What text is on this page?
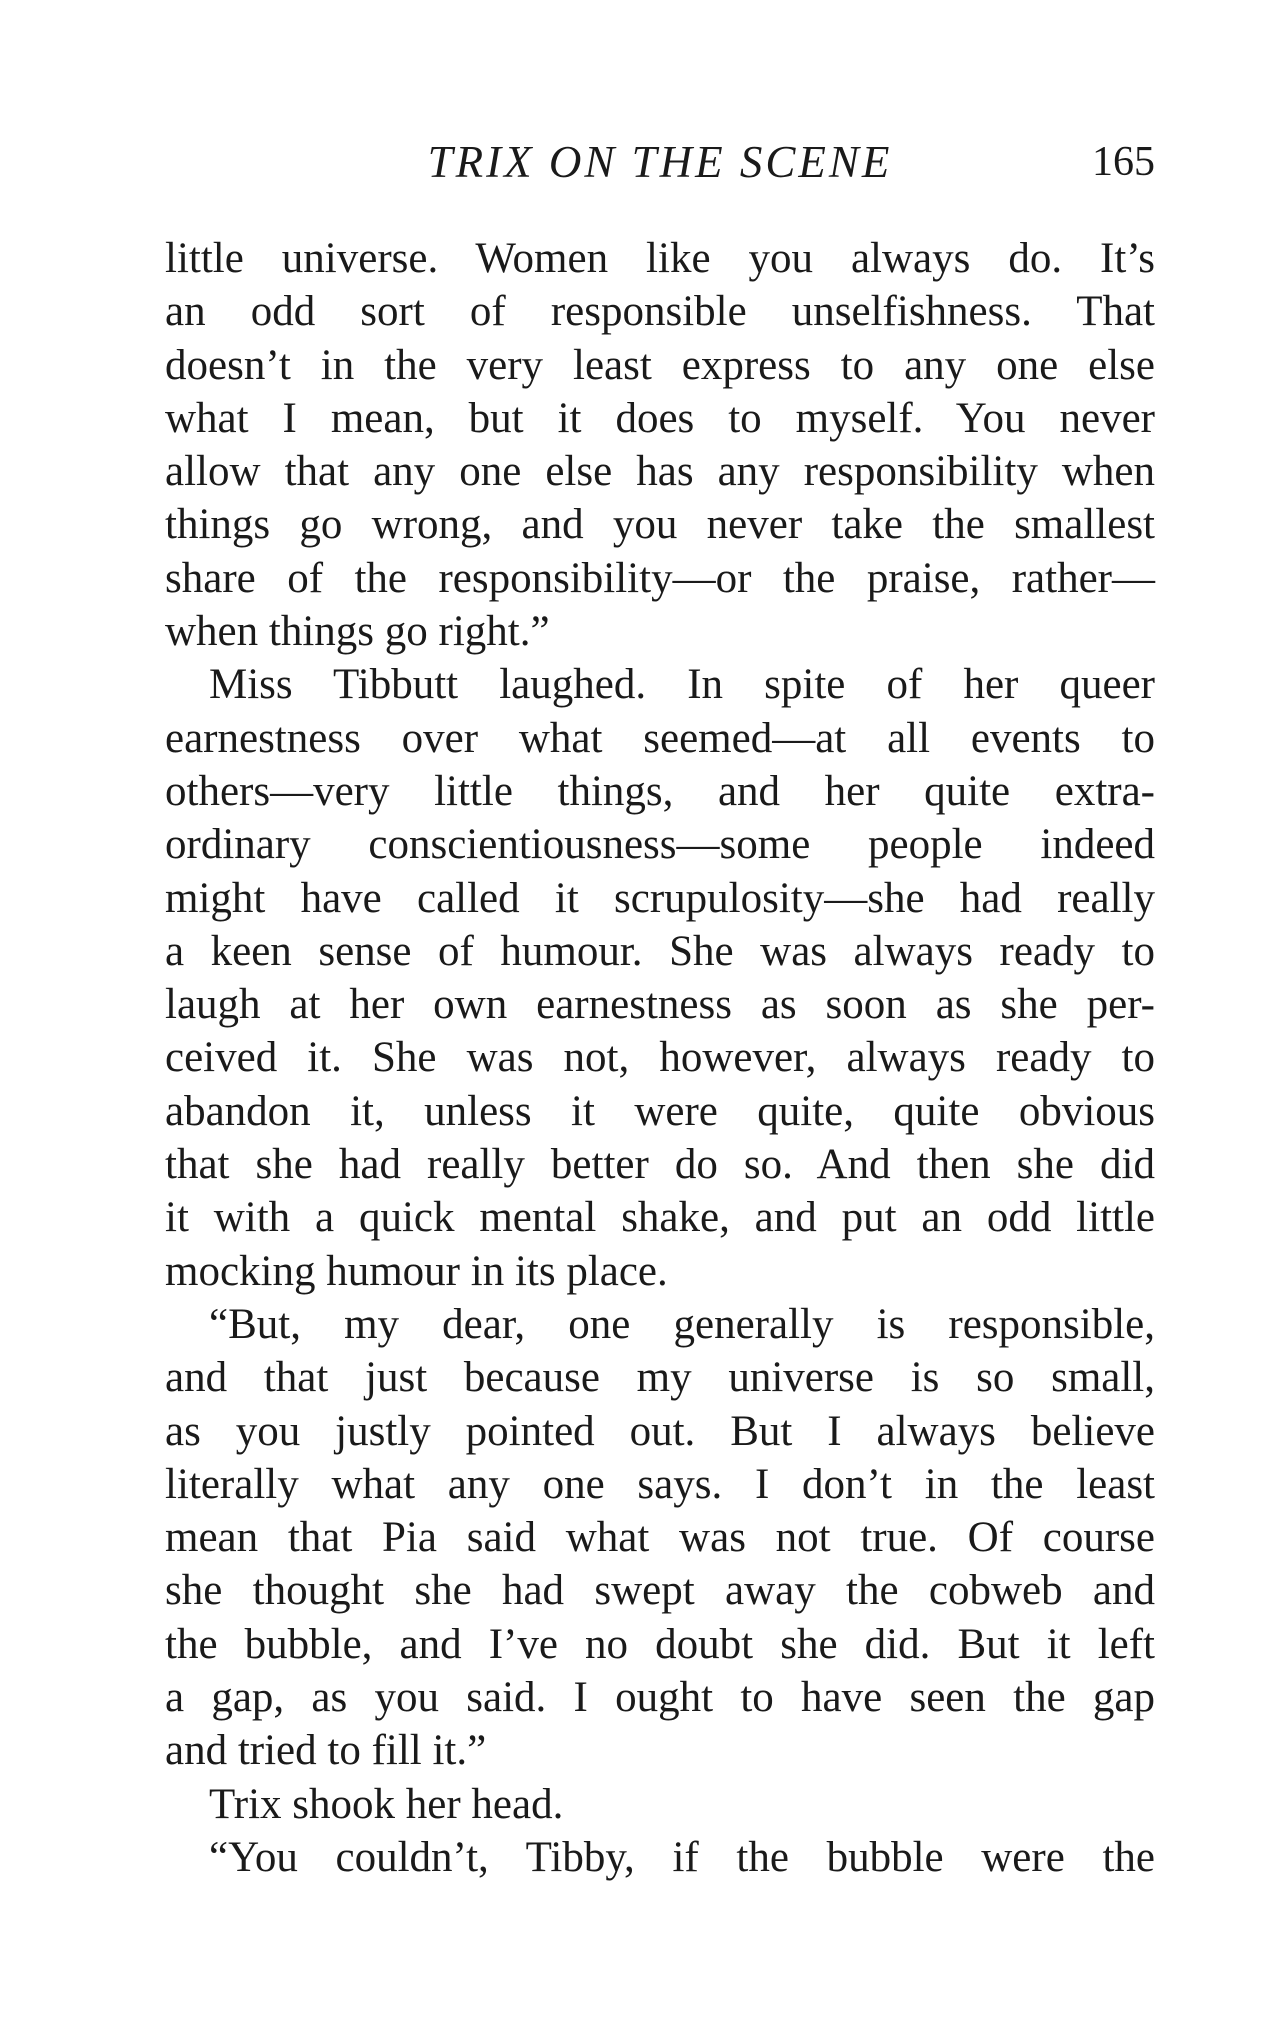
TRIX ON THE SCENE	165
little universe. Women like you always do. It’s
an odd sort of responsible unselfishness. That
doesn’t in the very least express to any one else
what I mean, but it does to myself. You never
allow that any one else has any responsibility when
things go wrong, and you never take the smallest
share of the responsibility—or the praise, rather—
when things go right.”
Miss Tibbutt laughed. In spite of her queer
earnestness over what seemed—at all events to
others—very little things, and her quite extra-
ordinary conscientiousness—some people indeed
might have called it scrupulosity—she had really
a keen sense of humour. She was always ready to
laugh at her own earnestness as soon as she per-
ceived it. She was not, however, always ready to
abandon it, unless it were quite, quite obvious
that she had really better do so. And then she did
it with a quick mental shake, and put an odd little
mocking humour in its place.
“But, my dear, one generally is responsible,
and that just because my universe is so small,
as you justly pointed out. But I always believe
literally what any one says. I don’t in the least
mean that Pia said what was not true. Of course
she thought she had swept away the cobweb and
the bubble, and I’ve no doubt she did. But it left
a gap, as you said. I ought to have seen the gap
and tried to fill it.”
Trix shook her head.
“You couldn’t, Tibby, if the bubble were the
